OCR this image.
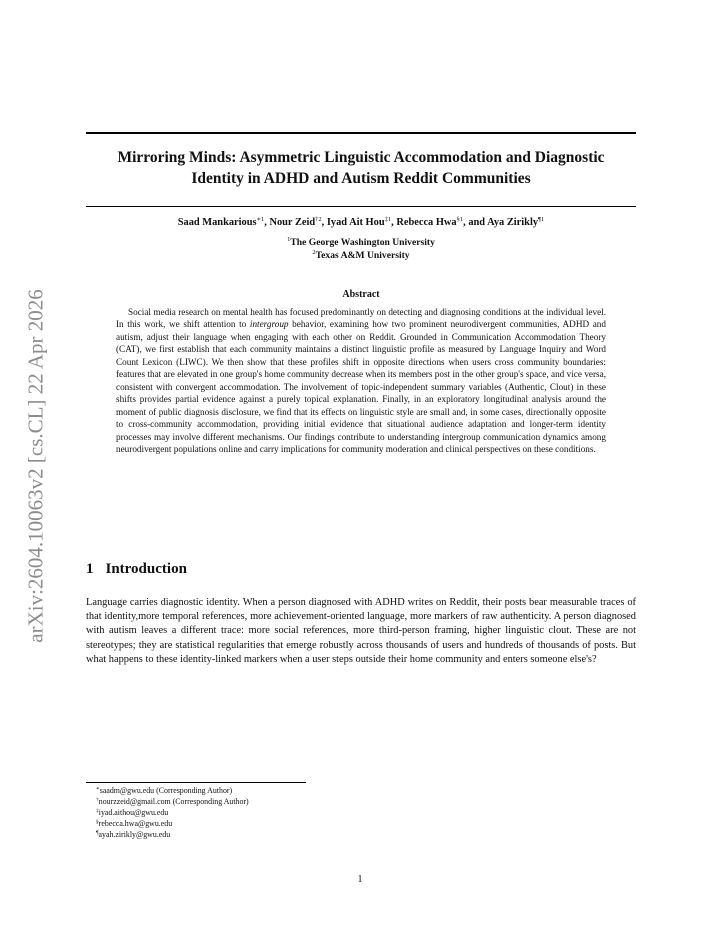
arXiv:2604.10063v2 [cs.CL] 22 Apr 2026
Mirroring Minds: Asymmetric Linguistic Accommodation and Diagnostic
Identity in ADHD and Autism Reddit Communities
Saad Mankarious$^{∗1}$, Nour Zeid$^{\dagger 2}$, Iyad Ait Hou$^{\ddagger 1}$, Rebecca Hwa$^{\S 1}$, and Aya Zirikly$^{\P 1}$
$^1$The George Washington University
$^2$Texas A&M University
Abstract

Social media research on mental health has focused predominantly on detecting and diagnosing conditions at the individual level. In this work, we shift attention to intergroup behavior, examining how two prominent neurodivergent communities, ADHD and autism, adjust their language when engaging with each other on Reddit. Grounded in Communication Accommodation Theory (CAT), we first establish that each community maintains a distinct linguistic profile as measured by Language Inquiry and Word Count Lexicon (LIWC). We then show that these profiles shift in opposite directions when users cross community boundaries: features that are elevated in one group's home community decrease when its members post in the other group's space, and vice versa, consistent with convergent accommodation. The involvement of topic-independent summary variables (Authentic, Clout) in these shifts provides partial evidence against a purely topical explanation. Finally, in an exploratory longitudinal analysis around the moment of public diagnosis disclosure, we find that its effects on linguistic style are small and, in some cases, directionally opposite to cross-community accommodation, providing initial evidence that situational audience adaptation and longer-term identity processes may involve different mechanisms. Our findings contribute to understanding intergroup communication dynamics among neurodivergent populations online and carry implications for community moderation and clinical perspectives on these conditions.

1 Introduction

Language carries diagnostic identity. When a person diagnosed with ADHD writes on Reddit, their posts bear measurable traces of that identity,more temporal references, more achievement-oriented language, more markers of raw authenticity. A person diagnosed with autism leaves a different trace: more social references, more third-person framing, higher linguistic clout. These are not stereotypes; they are statistical regularities that emerge robustly across thousands of users and hundreds of thousands of posts. But what happens to these identity-linked markers when a user steps outside their home community and enters someone else's?

∗saadm@gwu.edu (Corresponding Author)
†nourzzeid@gmail.com (Corresponding Author)
‡iyad.aithou@gwu.edu
§rebecca.hwa@gwu.edu
¶ayah.zirikly@gwu.edu
1
